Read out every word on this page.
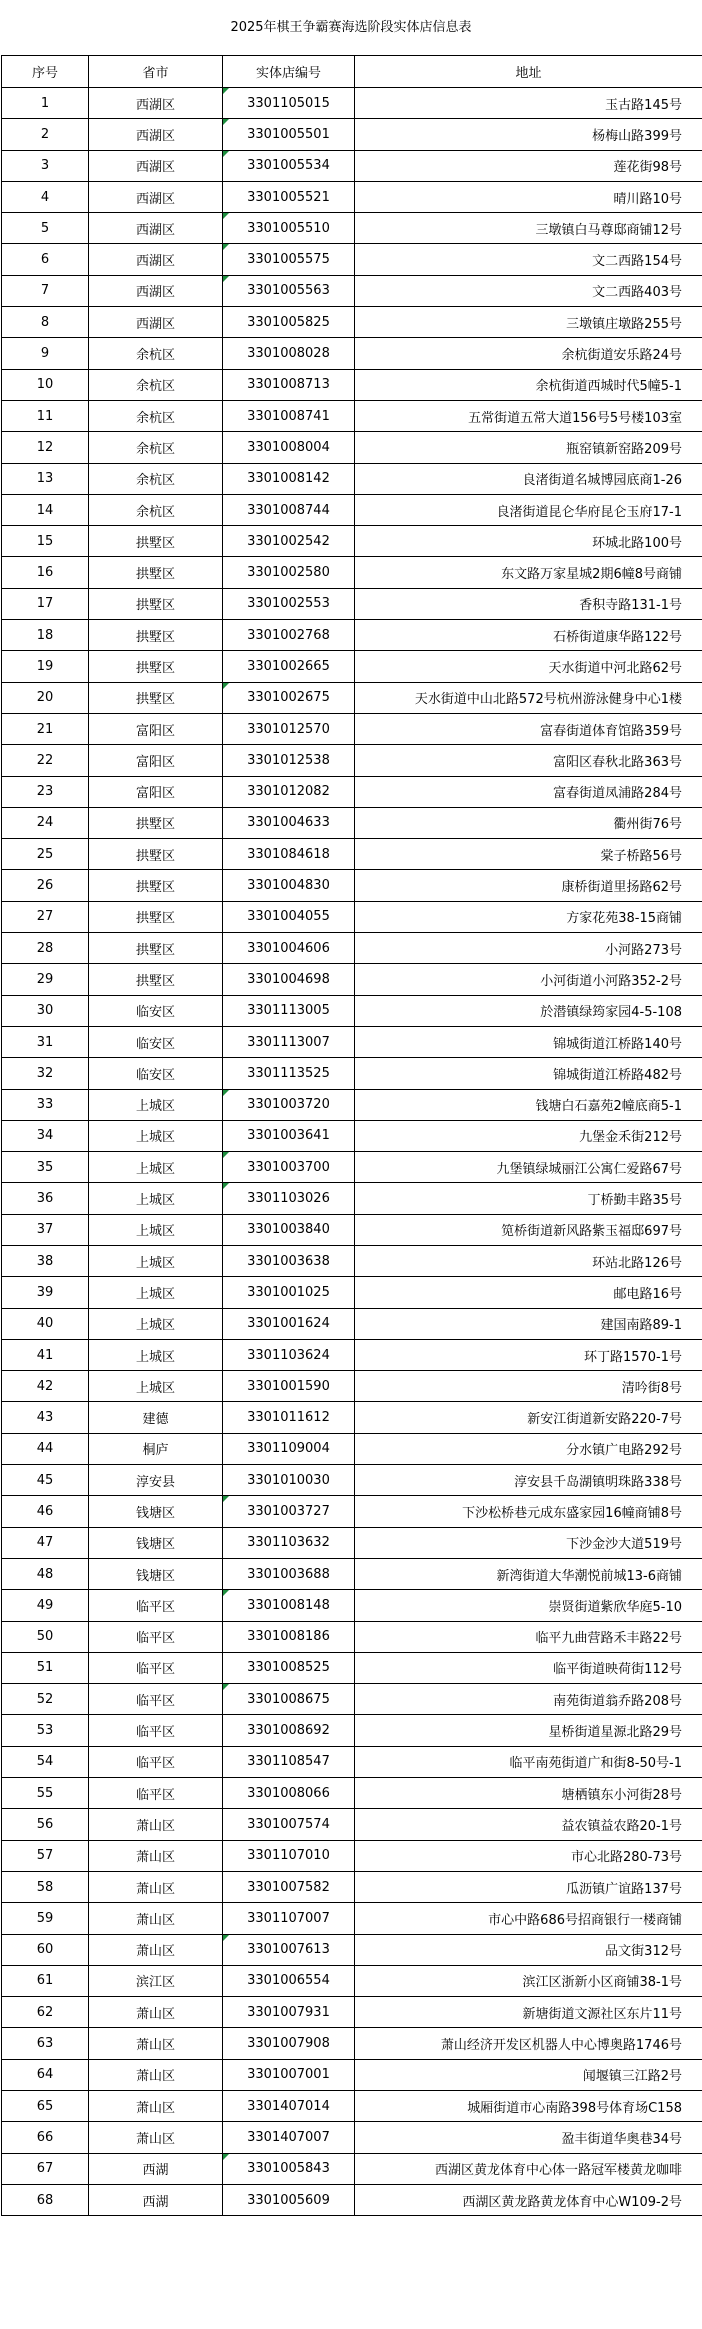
2025年棋王争霸赛海选阶段实体店信息表
序号	省市	实体店编号	地址
1	西湖区	3301105015	玉古路145号
2	西湖区	3301005501	杨梅山路399号
3	西湖区	3301005534	莲花街98号
4	西湖区	3301005521	晴川路10号
5	西湖区	3301005510	三墩镇白马尊邸商铺12号
6	西湖区	3301005575	文二西路154号
7	西湖区	3301005563	文二西路403号
8	西湖区	3301005825	三墩镇庄墩路255号
9	余杭区	3301008028	余杭街道安乐路24号
10	余杭区	3301008713	余杭街道西城时代5幢5-1
11	余杭区	3301008741	五常街道五常大道156号5号楼103室
12	余杭区	3301008004	瓶窑镇新窑路209号
13	余杭区	3301008142	良渚街道名城博园底商1-26
14	余杭区	3301008744	良渚街道昆仑华府昆仑玉府17-1
15	拱墅区	3301002542	环城北路100号
16	拱墅区	3301002580	东文路万家星城2期6幢8号商铺
17	拱墅区	3301002553	香积寺路131-1号
18	拱墅区	3301002768	石桥街道康华路122号
19	拱墅区	3301002665	天水街道中河北路62号
20	拱墅区	3301002675	天水街道中山北路572号杭州游泳健身中心1楼
21	富阳区	3301012570	富春街道体育馆路359号
22	富阳区	3301012538	富阳区春秋北路363号
23	富阳区	3301012082	富春街道凤浦路284号
24	拱墅区	3301004633	衢州街76号
25	拱墅区	3301084618	棠子桥路56号
26	拱墅区	3301004830	康桥街道里扬路62号
27	拱墅区	3301004055	方家花苑38-15商铺
28	拱墅区	3301004606	小河路273号
29	拱墅区	3301004698	小河街道小河路352-2号
30	临安区	3301113005	於潜镇绿筠家园4-5-108
31	临安区	3301113007	锦城街道江桥路140号
32	临安区	3301113525	锦城街道江桥路482号
33	上城区	3301003720	钱塘白石嘉苑2幢底商5-1
34	上城区	3301003641	九堡金禾街212号
35	上城区	3301003700	九堡镇绿城丽江公寓仁爱路67号
36	上城区	3301103026	丁桥勤丰路35号
37	上城区	3301003840	笕桥街道新风路紫玉福邸697号
38	上城区	3301003638	环站北路126号
39	上城区	3301001025	邮电路16号
40	上城区	3301001624	建国南路89-1
41	上城区	3301103624	环丁路1570-1号
42	上城区	3301001590	清吟街8号
43	建德	3301011612	新安江街道新安路220-7号
44	桐庐	3301109004	分水镇广电路292号
45	淳安县	3301010030	淳安县千岛湖镇明珠路338号
46	钱塘区	3301003727	下沙松桥巷元成东盛家园16幢商铺8号
47	钱塘区	3301103632	下沙金沙大道519号
48	钱塘区	3301003688	新湾街道大华潮悦前城13-6商铺
49	临平区	3301008148	崇贤街道紫欣华庭5-10
50	临平区	3301008186	临平九曲营路禾丰路22号
51	临平区	3301008525	临平街道映荷街112号
52	临平区	3301008675	南苑街道翁乔路208号
53	临平区	3301008692	星桥街道星源北路29号
54	临平区	3301108547	临平南苑街道广和街8-50号-1
55	临平区	3301008066	塘栖镇东小河街28号
56	萧山区	3301007574	益农镇益农路20-1号
57	萧山区	3301107010	市心北路280-73号
58	萧山区	3301007582	瓜沥镇广谊路137号
59	萧山区	3301107007	市心中路686号招商银行一楼商铺
60	萧山区	3301007613	品文街312号
61	滨江区	3301006554	滨江区浙新小区商铺38-1号
62	萧山区	3301007931	新塘街道文源社区东片11号
63	萧山区	3301007908	萧山经济开发区机器人中心博奥路1746号
64	萧山区	3301007001	闻堰镇三江路2号
65	萧山区	3301407014	城厢街道市心南路398号体育场C158
66	萧山区	3301407007	盈丰街道华奥巷34号
67	西湖	3301005843	西湖区黄龙体育中心体一路冠军楼黄龙咖啡
68	西湖	3301005609	西湖区黄龙路黄龙体育中心W109-2号
